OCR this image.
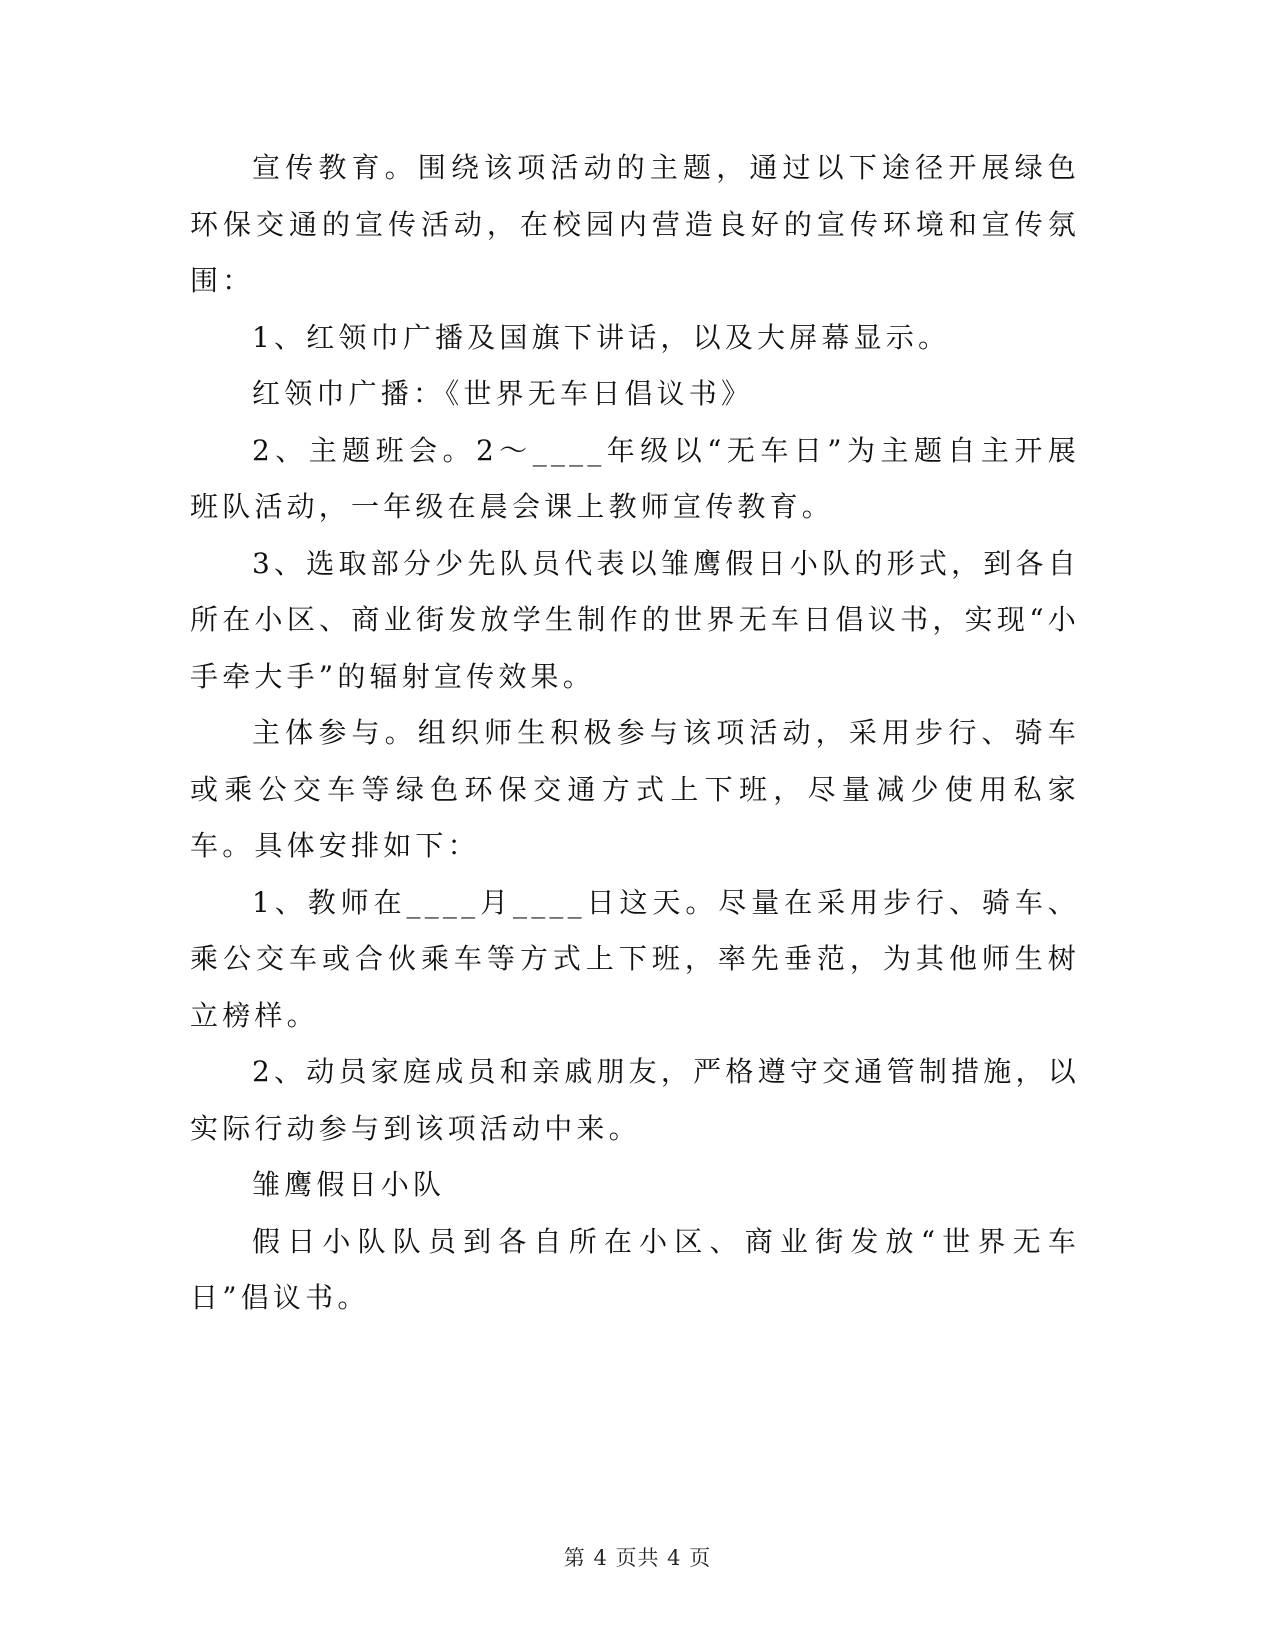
宣传教育。围绕该项活动的主题，通过以下途径开展绿色环保交通的宣传活动，在校园内营造良好的宣传环境和宣传氛围：

1、红领巾广播及国旗下讲话，以及大屏幕显示。

红领巾广播：《世界无车日倡议书》

2、主题班会。2～____年级以“无车日”为主题自主开展班队活动，一年级在晨会课上教师宣传教育。

3、选取部分少先队员代表以雏鹰假日小队的形式，到各自所在小区、商业街发放学生制作的世界无车日倡议书，实现“小手牵大手”的辐射宣传效果。

主体参与。组织师生积极参与该项活动，采用步行、骑车或乘公交车等绿色环保交通方式上下班，尽量减少使用私家车。具体安排如下：

1、教师在____月____日这天。尽量在采用步行、骑车、乘公交车或合伙乘车等方式上下班，率先垂范，为其他师生树立榜样。

2、动员家庭成员和亲戚朋友，严格遵守交通管制措施，以实际行动参与到该项活动中来。

雏鹰假日小队

假日小队队员到各自所在小区、商业街发放“世界无车日”倡议书。

第 4 页共 4 页
